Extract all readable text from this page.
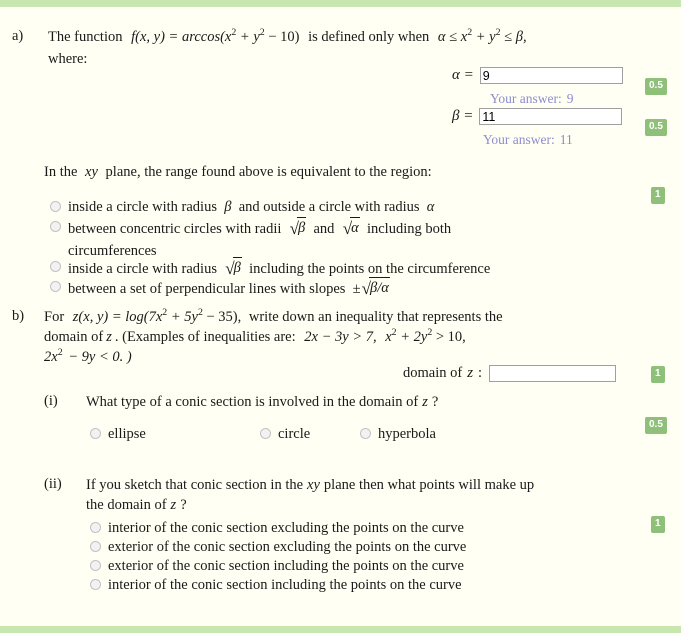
a) The function f(x, $y) = \arccos(x^2 + y^2 - 10)$ is defined only when $\alpha \le x^2 + y^2 \le \beta$,
where:
α =
9
Your answer: 9
0.5
β =
11
Your answer: 11
0.5
In the xy plane, the range found above is equivalent to the region:
1
inside a circle with radius β and outside a circle with radius α
between concentric circles with radii √β and √α including both circumferences
inside a circle with radius √β including the points on the circumference
between a set of perpendicular lines with slopes ±√β/α
b) For z(x, $y) = \log(7x^2 + 5y^2 - 35)$, write down an inequality that represents the
domain of z . (Examples of inequalities are: 2x − 3y > 7, $x^2 + 2y^2 > 10$,
$2x^2 - 9y < 0$. )
domain of z :	1
(i) What type of a conic section is involved in the domain of z ?
0.5
ellipse	circle	hyperbola
(ii) If you sketch that conic section in the xy plane then what points will make up
the domain of z ?
1
interior of the conic section excluding the points on the curve
exterior of the conic section excluding the points on the curve
exterior of the conic section including the points on the curve
interior of the conic section including the points on the curve
